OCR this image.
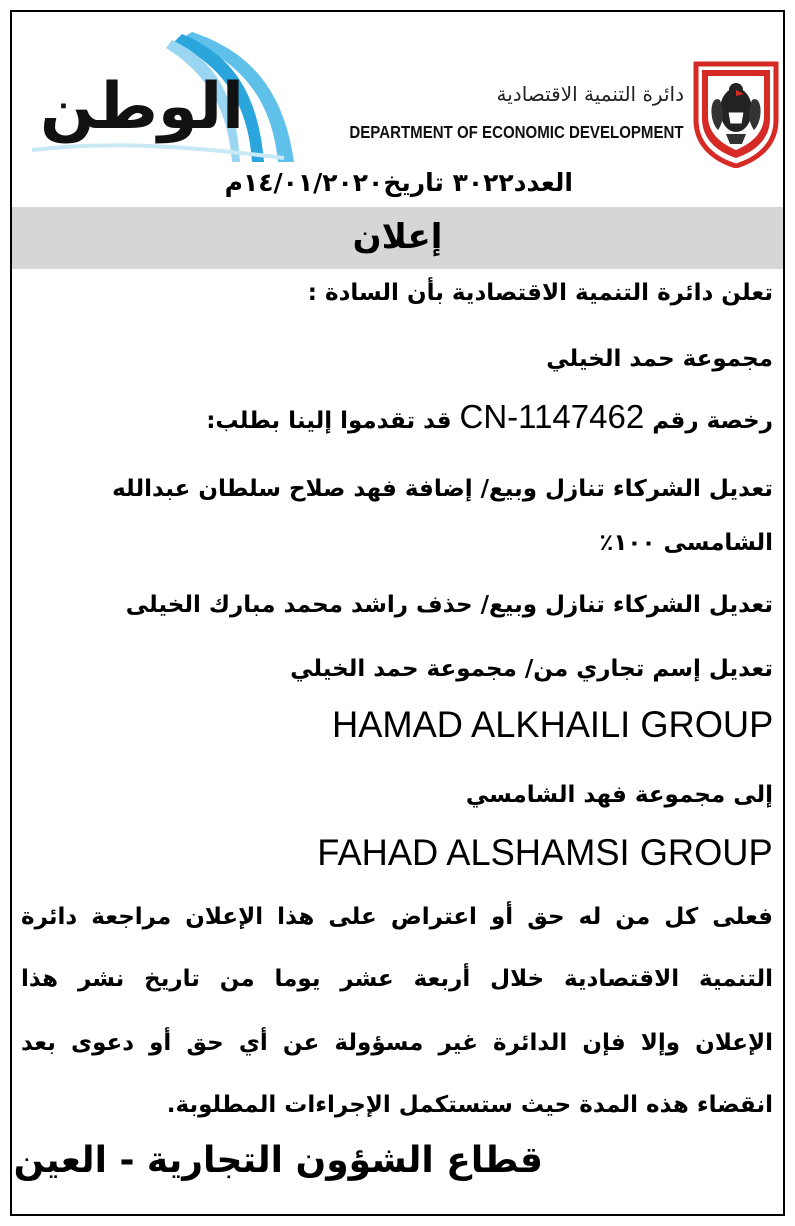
الوطن	دائرة التنمية الاقتصادية
DEPARTMENT OF ECONOMIC DEVELOPMENT
العدد٣٠٢٢ تاريخ١٤/٠١/٢٠٢٠م
إعلان
تعلن دائرة التنمية الاقتصادية بأن السادة :
مجموعة حمد الخيلي
رخصة رقم CN-1147462 قد تقدموا إلينا بطلب:
تعديل الشركاء تنازل وبيع/ إضافة فهد صلاح سلطان عبدالله
الشامسى ١٠٠٪
تعديل الشركاء تنازل وبيع/ حذف راشد محمد مبارك الخيلى
تعديل إسم تجاري من/ مجموعة حمد الخيلي
HAMAD ALKHAILI GROUP
إلى مجموعة فهد الشامسي
FAHAD ALSHAMSI GROUP
فعلى كل من له حق أو اعتراض على هذا الإعلان مراجعة دائرة
التنمية الاقتصادية خلال أربعة عشر يوما من تاريخ نشر هذا
الإعلان وإلا فإن الدائرة غير مسؤولة عن أي حق أو دعوى بعد
انقضاء هذه المدة حيث ستستكمل الإجراءات المطلوبة.
قطاع الشؤون التجارية - العين
